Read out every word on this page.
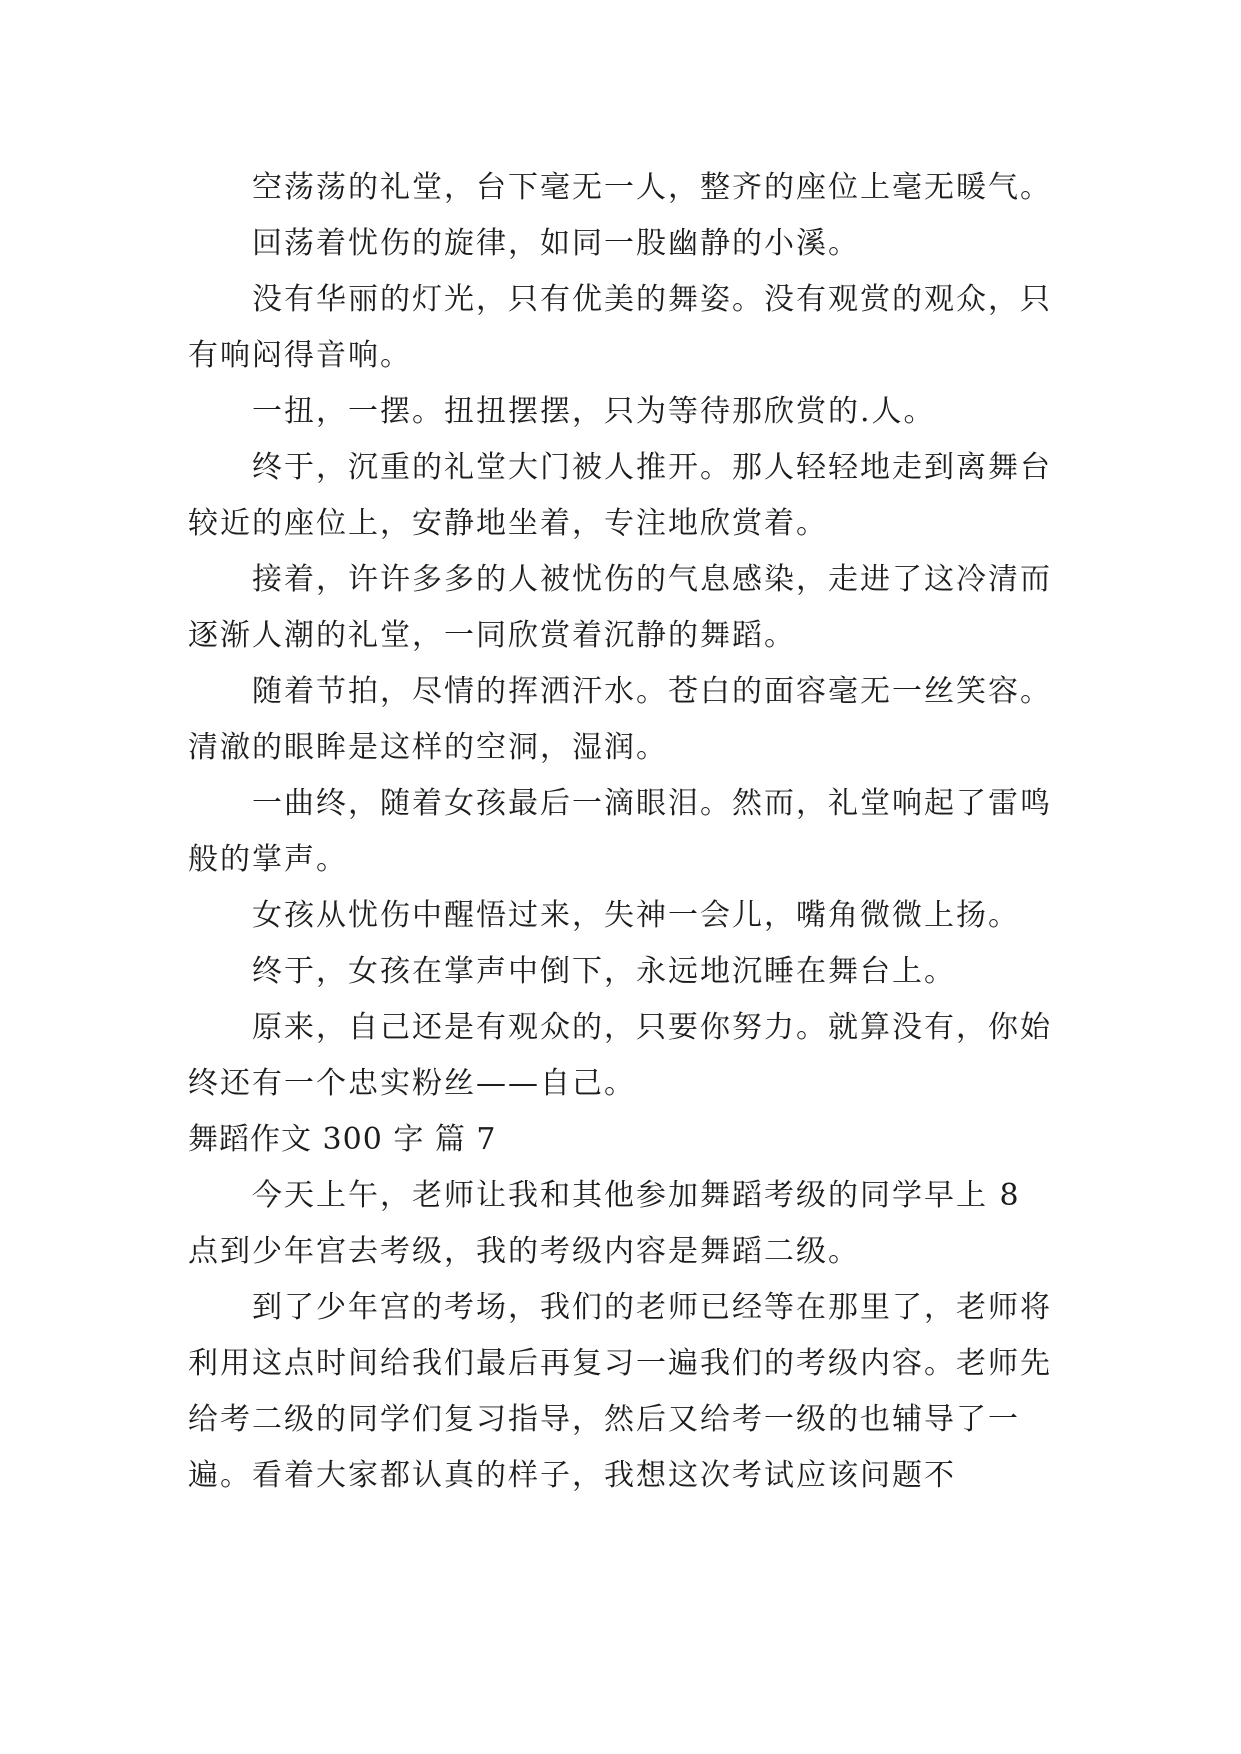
空荡荡的礼堂，台下毫无一人，整齐的座位上毫无暖气。

回荡着忧伤的旋律，如同一股幽静的小溪。

没有华丽的灯光，只有优美的舞姿。没有观赏的观众，只有响闷得音响。

一扭，一摆。扭扭摆摆，只为等待那欣赏的.人。

终于，沉重的礼堂大门被人推开。那人轻轻地走到离舞台较近的座位上，安静地坐着，专注地欣赏着。

接着，许许多多的人被忧伤的气息感染，走进了这冷清而逐渐人潮的礼堂，一同欣赏着沉静的舞蹈。

随着节拍，尽情的挥洒汗水。苍白的面容毫无一丝笑容。清澈的眼眸是这样的空洞，湿润。

一曲终，随着女孩最后一滴眼泪。然而，礼堂响起了雷鸣般的掌声。

女孩从忧伤中醒悟过来，失神一会儿，嘴角微微上扬。

终于，女孩在掌声中倒下，永远地沉睡在舞台上。

原来，自己还是有观众的，只要你努力。就算没有，你始终还有一个忠实粉丝——自己。

舞蹈作文 300 字 篇 7

今天上午，老师让我和其他参加舞蹈考级的同学早上 8 点到少年宫去考级，我的考级内容是舞蹈二级。

到了少年宫的考场，我们的老师已经等在那里了，老师将利用这点时间给我们最后再复习一遍我们的考级内容。老师先给考二级的同学们复习指导，然后又给考一级的也辅导了一遍。看着大家都认真的样子，我想这次考试应该问题不
